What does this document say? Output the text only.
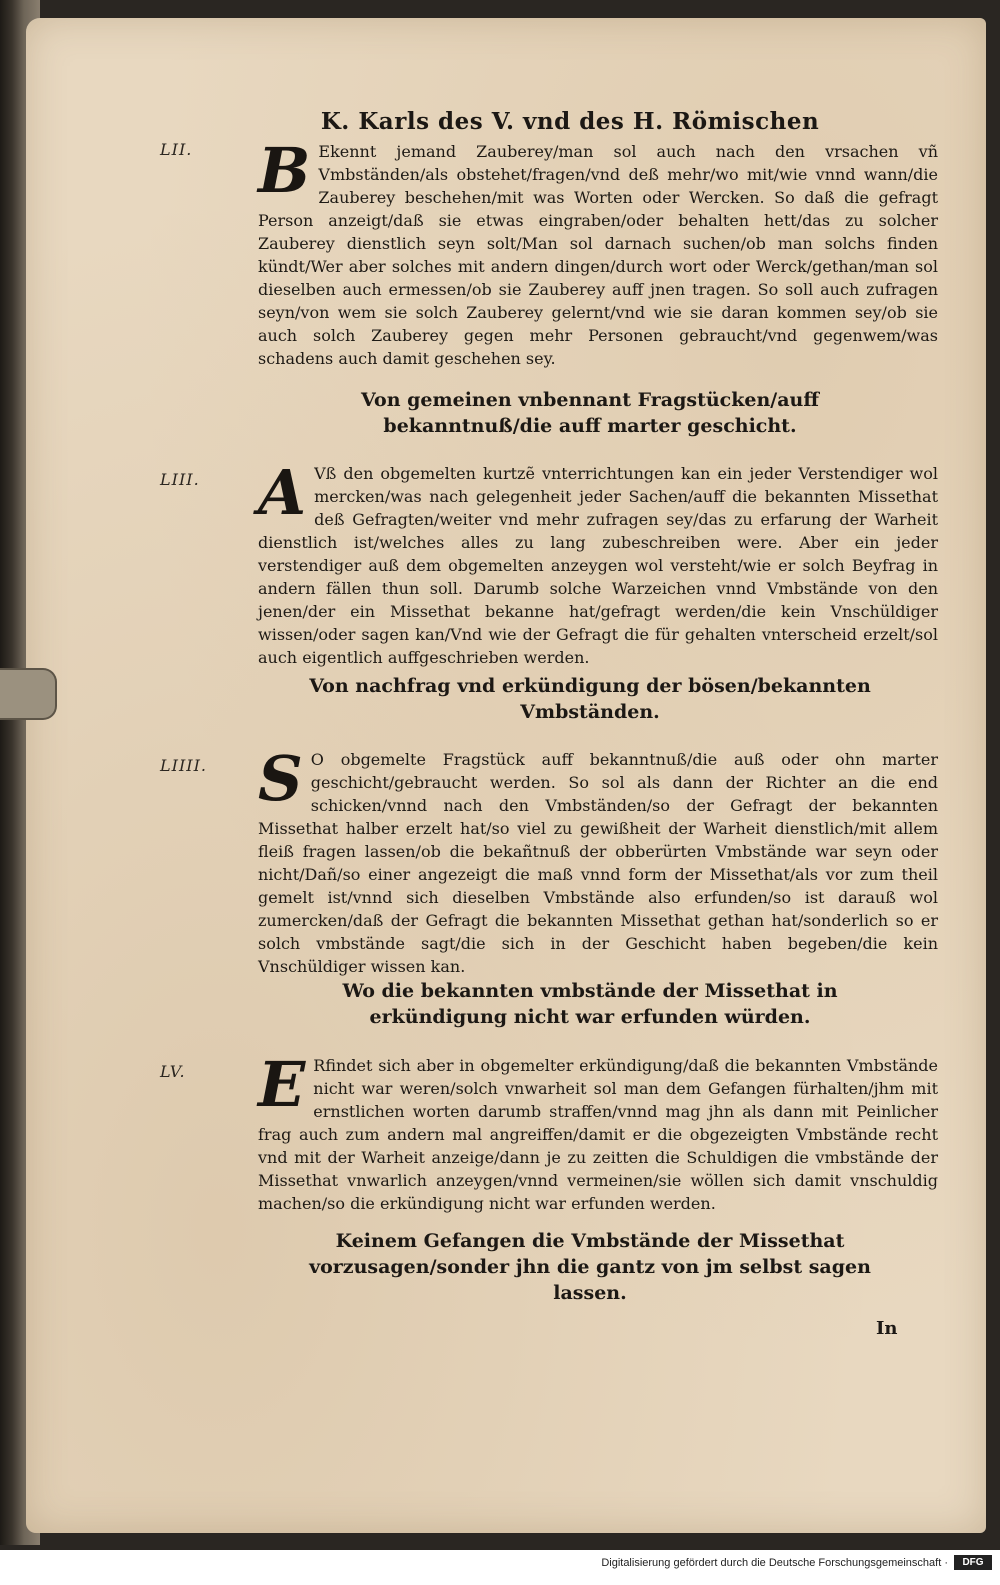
K. Karls des V. vnd des H. Römischen
LII.	B Ekennt jemand Zauberey/man sol auch nach den vrsachen vñ Vmbständen/als obstehet/fragen/vnd deß mehr/wo mit/wie vnnd wann/die Zauberey beschehen/mit was Worten oder Wercken. So daß die gefragt Person anzeigt/daß sie etwas eingraben/oder behalten hett/das zu solcher Zauberey dienstlich seyn solt/Man sol darnach suchen/ob man solchs finden kündt/Wer aber solches mit andern dingen/durch wort oder Werck/gethan/man sol dieselben auch ermessen/ob sie Zauberey auff jnen tragen. So soll auch zufragen seyn/von wem sie solch Zauberey gelernt/vnd wie sie daran kommen sey/ob sie auch solch Zauberey gegen mehr Personen gebraucht/vnd gegenwem/was schadens auch damit geschehen sey.

Von gemeinen vnbennant Fragstücken/auff bekanntnuß/die auff marter geschicht.
LIII. A Vß den obgemelten kurtzẽ vnterrichtungen kan ein jeder Verstendiger wol mercken/was nach gelegenheit jeder Sachen/auff die bekannten Missethat deß Gefragten/weiter vnd mehr zufragen sey/das zu erfarung der Warheit dienstlich ist/welches alles zu lang zubeschreiben were. Aber ein jeder verstendiger auß dem obgemelten anzeygen wol versteht/wie er solch Beyfrag in andern fällen thun soll. Darumb solche Warzeichen vnnd Vmbstände von den jenen/der ein Missethat bekanne hat/gefragt werden/die kein Vnschüldiger wissen/oder sagen kan/Vnd wie der Gefragt die für gehalten vnterscheid erzelt/sol auch eigentlich auffgeschrieben werden.

Von nachfrag vnd erkündigung der bösen/bekannten Vmbständen.
LIIII. S O obgemelte Fragstück auff bekanntnuß/die auß oder ohn marter geschicht/gebraucht werden. So sol als dann der Richter an die end schicken/vnnd nach den Vmbständen/so der Gefragt der bekannten Missethat halber erzelt hat/so viel zu gewißheit der Warheit dienstlich/mit allem fleiß fragen lassen/ob die bekañtnuß der obberürten Vmbstände war seyn oder nicht/Dañ/so einer angezeigt die maß vnnd form der Missethat/als vor zum theil gemelt ist/vnnd sich dieselben Vmbstände also erfunden/so ist darauß wol zumercken/daß der Gefragt die bekannten Missethat gethan hat/sonderlich so er solch vmbstände sagt/die sich in der Geschicht haben begeben/die kein Vnschüldiger wissen kan.

Wo die bekannten vmbstände der Missethat in erkündigung nicht war erfunden würden.
LV.	E Rfindet sich aber in obgemelter erkündigung/daß die bekannten Vmbstände nicht war weren/solch vnwarheit sol man dem Gefangen fürhalten/jhm mit ernstlichen worten darumb straffen/vnnd mag jhn als dann mit Peinlicher frag auch zum andern mal angreiffen/damit er die obgezeigten Vmbstände recht vnd mit der Warheit anzeige/dann je zu zeitten die Schuldigen die vmbstände der Missethat vnwarlich anzeygen/vnnd vermeinen/sie wöllen sich damit vnschuldig machen/so die erkündigung nicht war erfunden werden.

Keinem Gefangen die Vmbstände der Missethat vorzusagen/sonder jhn die gantz von jm selbst sagen lassen.
In
Digitalisierung gefördert durch die Deutsche Forschungsgemeinschaft ·	DFG
